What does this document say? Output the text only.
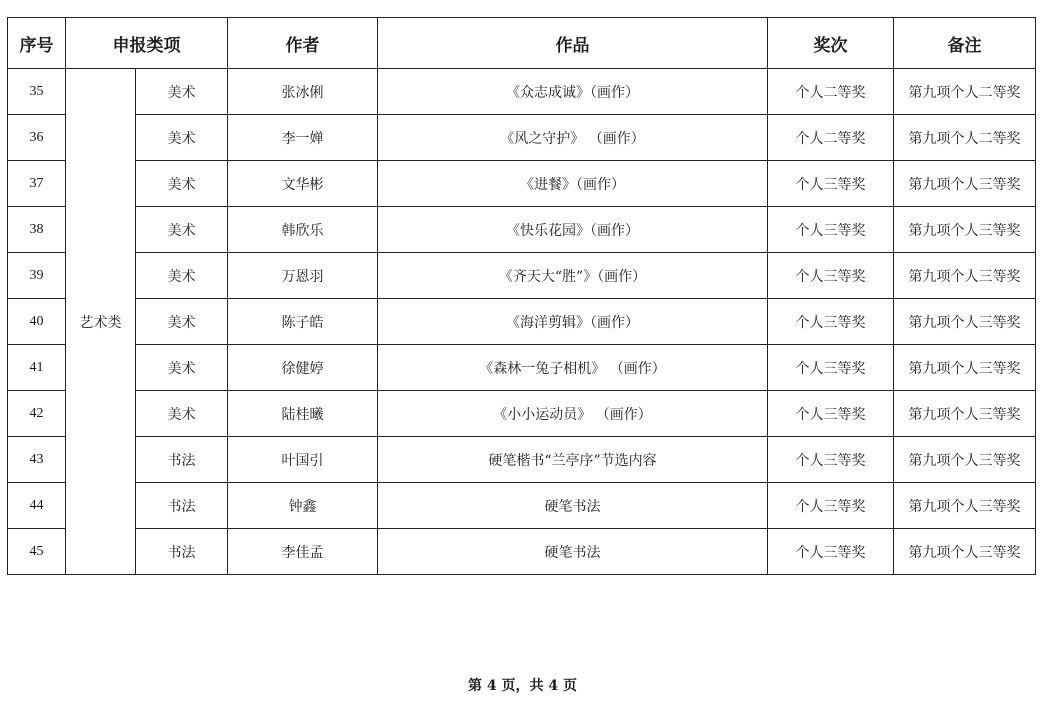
序号	申报类项		作者	作品	奖次	备注
35	艺术类	美术	张冰俐	《众志成诚》（画作）	个人二等奖	第九项个人二等奖
36		美术	李一婵	《风之守护》 （画作）	个人二等奖	第九项个人二等奖
37		美术	文华彬	《进餐》（画作）	个人三等奖	第九项个人三等奖
38		美术	韩欣乐	《快乐花园》（画作）	个人三等奖	第九项个人三等奖
39		美术	万恩羽	《齐天大“胜”》（画作）	个人三等奖	第九项个人三等奖
40		美术	陈子皓	《海洋剪辑》（画作）	个人三等奖	第九项个人三等奖
41		美术	徐健婷	《森林一兔子相机》 （画作）	个人三等奖	第九项个人三等奖
42		美术	陆桂曦	《小小运动员》 （画作）	个人三等奖	第九项个人三等奖
43		书法	叶国引	硬笔楷书“兰亭序”节选内容	个人三等奖	第九项个人三等奖
44		书法	钟鑫	硬笔书法	个人三等奖	第九项个人三等奖
45		书法	李佳孟	硬笔书法	个人三等奖	第九项个人三等奖
第 4 页，共 4 页
